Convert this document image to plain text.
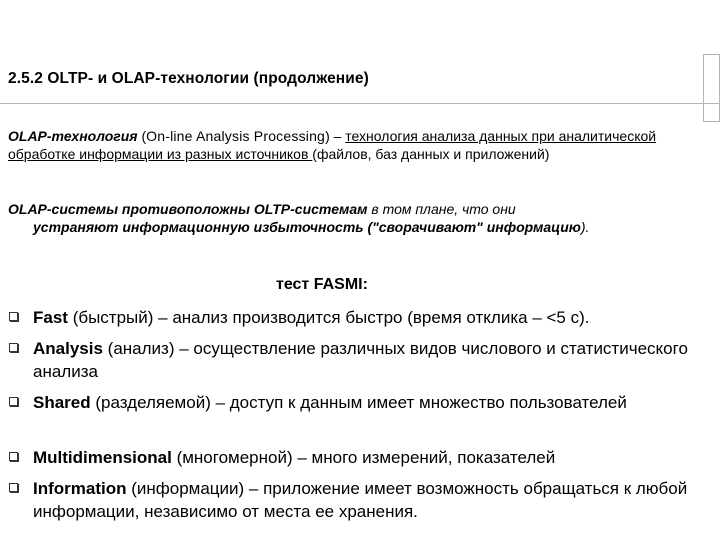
2.5.2 OLTP- и OLAP-технологии (продолжение)
OLAP-технология (On-line Analysis Processing) – технология анализа данных при аналитической обработке информации из разных источников (файлов, баз данных и приложений)
OLAP-системы противоположны OLTP-системам в том плане, что они
устраняют информационную избыточность ("сворачивают" информацию).
тест FASMI:
Fast (быстрый) – анализ производится быстро (время отклика – <5 с).
Analysis (анализ) – осуществление различных видов числового и статистического анализа
Shared (разделяемой) – доступ к данным имеет множество пользователей
Multidimensional (многомерной) – много измерений, показателей
Information (информации) – приложение имеет возможность обращаться к любой информации, независимо от места ее хранения.
